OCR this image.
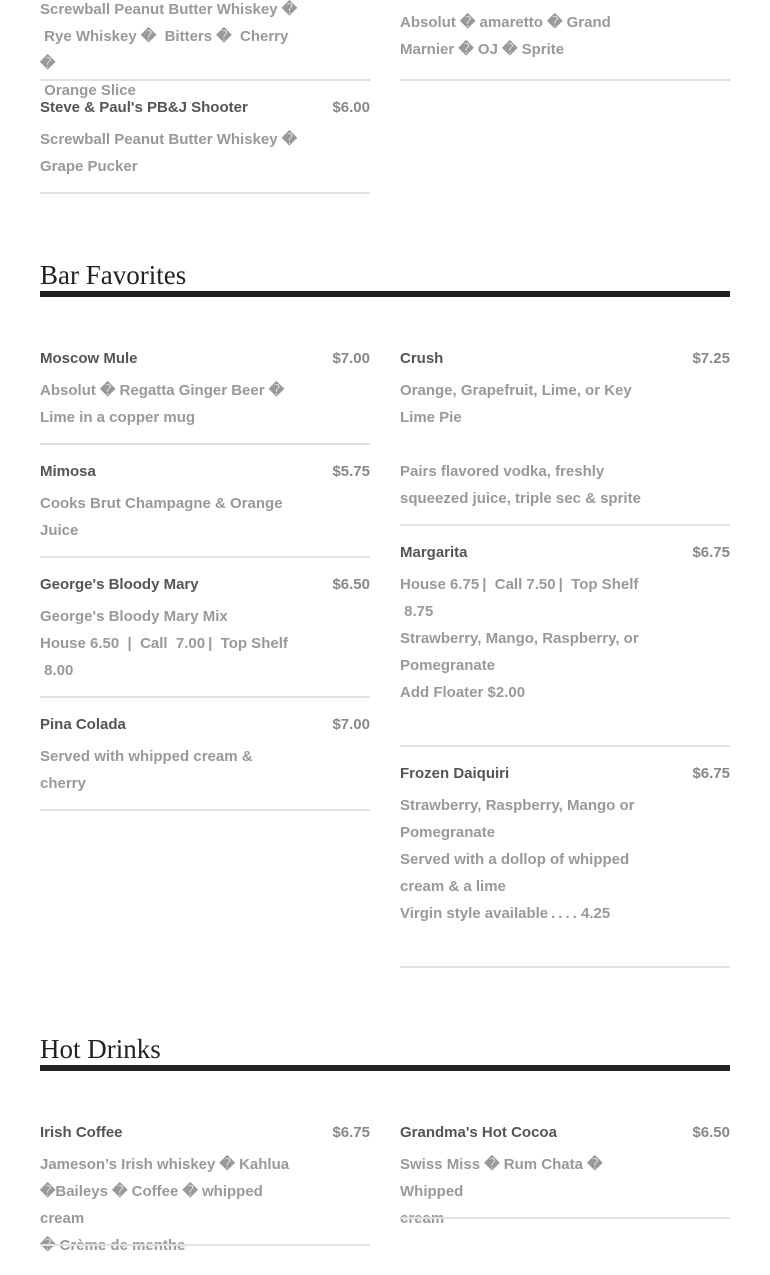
Screwball Peanut Butter Whiskey �
Rye Whiskey �  Bitters �  Cherry �
Orange Slice
Absolut � amaretto � Grand
Marnier � OJ � Sprite
Steve & Paul's PB&J Shooter	$6.00
Screwball Peanut Butter Whiskey �
Grape Pucker
Bar Favorites
Moscow Mule	$7.00
Absolut � Regatta Ginger Beer �
Lime in a copper mug
Crush	$7.25
Orange, Grapefruit, Lime, or Key
Lime Pie

Pairs flavored vodka, freshly
squeezed juice, triple sec & sprite
Mimosa	$5.75
Cooks Brut Champagne & Orange
Juice
Margarita	$6.75
House 6.75 |  Call 7.50 |  Top Shelf
8.75
Strawberry, Mango, Raspberry, or
Pomegranate
Add Floater $2.00
George's Bloody Mary	$6.50
George's Bloody Mary Mix
House 6.50  |  Call  7.00 |  Top Shelf
8.00
Frozen Daiquiri	$6.75
Strawberry, Raspberry, Mango or
Pomegranate
Served with a dollop of whipped
cream & a lime
Virgin style available . . . . 4.25
Pina Colada	$7.00
Served with whipped cream &
cherry
Hot Drinks
Irish Coffee	$6.75
Jameson’s Irish whiskey � Kahlua
�Baileys � Coffee � whipped cream

Grandma's Hot Cocoa	$6.50
Swiss Miss � Rum Chata � Whipped
